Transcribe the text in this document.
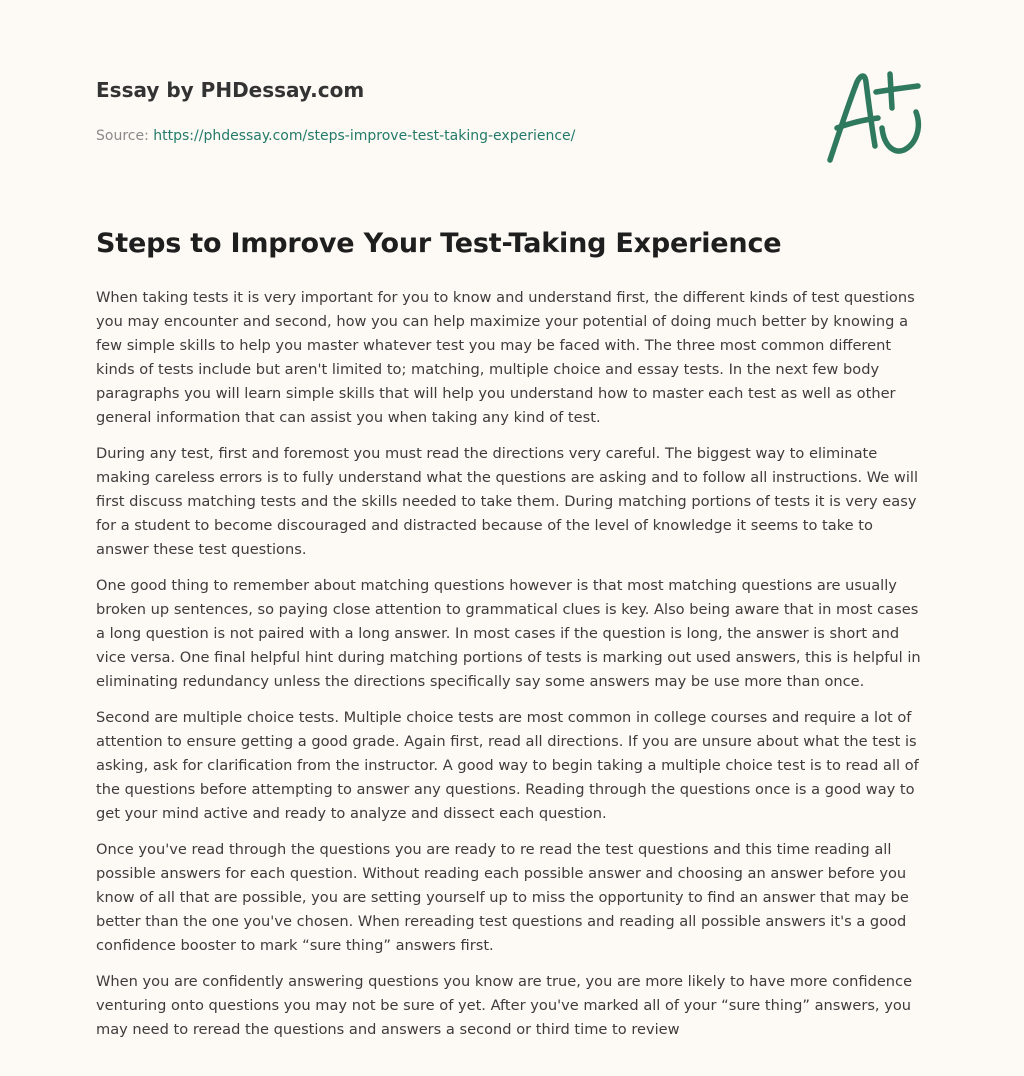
Essay by PHDessay.com
Source: https://phdessay.com/steps-improve-test-taking-experience/
Steps to Improve Your Test-Taking Experience

When taking tests it is very important for you to know and understand first, the different kinds of test questions you may encounter and second, how you can help maximize your potential of doing much better by knowing a few simple skills to help you master whatever test you may be faced with. The three most common different kinds of tests include but aren't limited to; matching, multiple choice and essay tests. In the next few body paragraphs you will learn simple skills that will help you understand how to master each test as well as other general information that can assist you when taking any kind of test.

During any test, first and foremost you must read the directions very careful. The biggest way to eliminate making careless errors is to fully understand what the questions are asking and to follow all instructions. We will first discuss matching tests and the skills needed to take them. During matching portions of tests it is very easy for a student to become discouraged and distracted because of the level of knowledge it seems to take to answer these test questions.

One good thing to remember about matching questions however is that most matching questions are usually broken up sentences, so paying close attention to grammatical clues is key. Also being aware that in most cases a long question is not paired with a long answer. In most cases if the question is long, the answer is short and vice versa. One final helpful hint during matching portions of tests is marking out used answers, this is helpful in eliminating redundancy unless the directions specifically say some answers may be use more than once.

Second are multiple choice tests. Multiple choice tests are most common in college courses and require a lot of attention to ensure getting a good grade. Again first, read all directions. If you are unsure about what the test is asking, ask for clarification from the instructor. A good way to begin taking a multiple choice test is to read all of the questions before attempting to answer any questions. Reading through the questions once is a good way to get your mind active and ready to analyze and dissect each question.

Once you've read through the questions you are ready to re read the test questions and this time reading all possible answers for each question. Without reading each possible answer and choosing an answer before you know of all that are possible, you are setting yourself up to miss the opportunity to find an answer that may be better than the one you've chosen. When rereading test questions and reading all possible answers it's a good confidence booster to mark “sure thing” answers first.

When you are confidently answering questions you know are true, you are more likely to have more confidence venturing onto questions you may not be sure of yet. After you've marked all of your “sure thing” answers, you may need to reread the questions and answers a second or third time to review
